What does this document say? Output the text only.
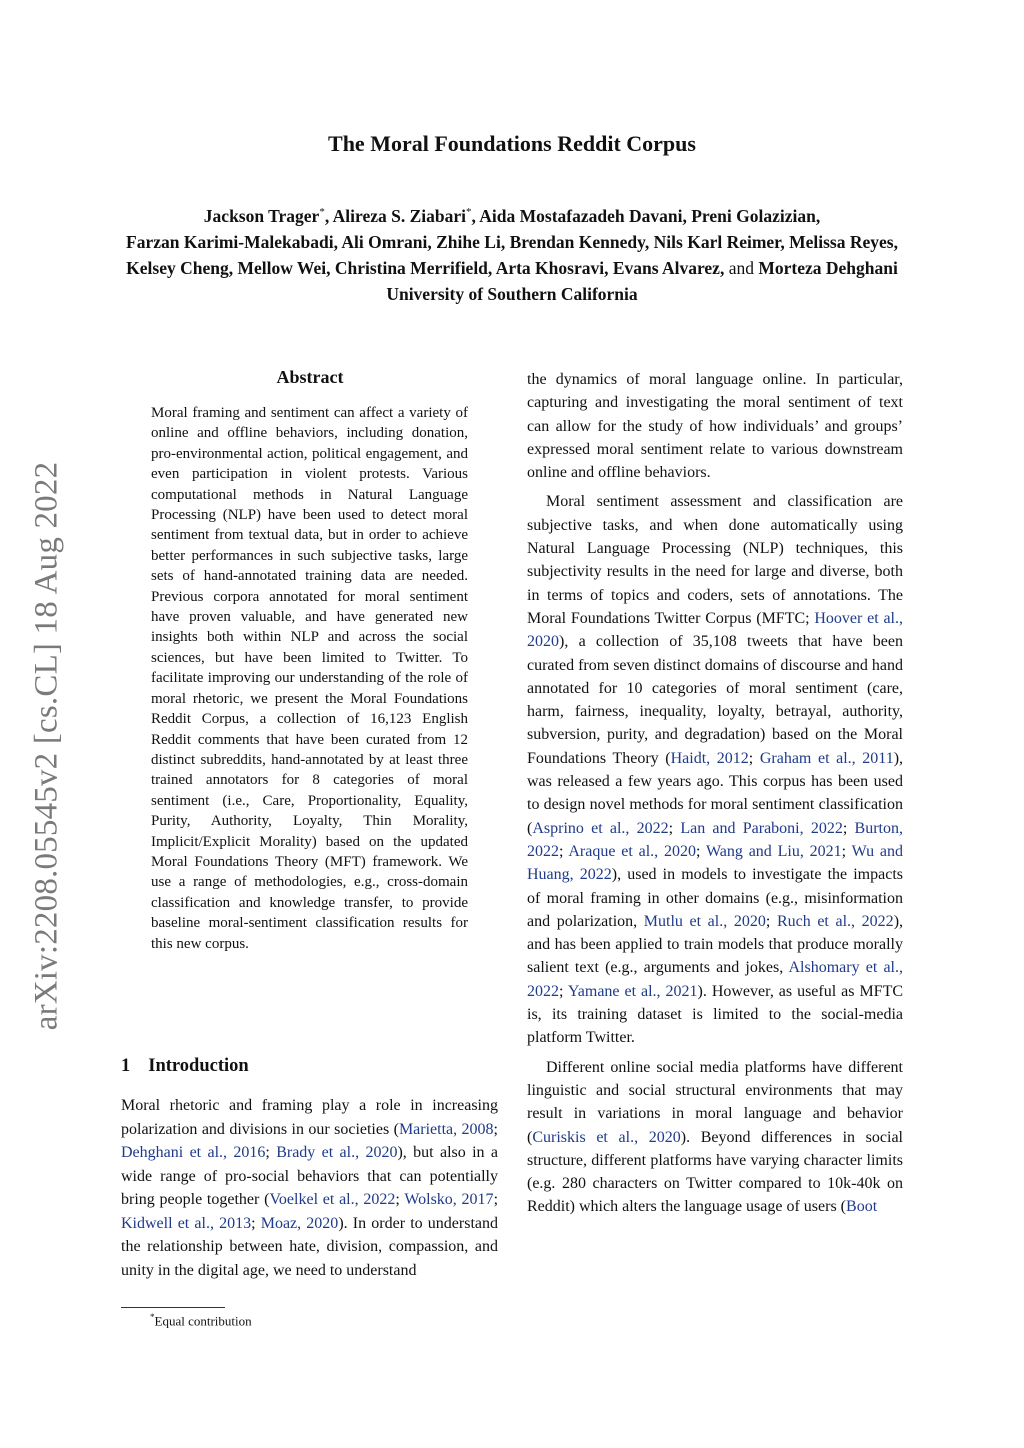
arXiv:2208.05545v2 [cs.CL] 18 Aug 2022
The Moral Foundations Reddit Corpus
Jackson Trager*, Alireza S. Ziabari*, Aida Mostafazadeh Davani, Preni Golazizian,
Farzan Karimi-Malekabadi, Ali Omrani, Zhihe Li, Brendan Kennedy, Nils Karl Reimer, Melissa Reyes,
Kelsey Cheng, Mellow Wei, Christina Merrifield, Arta Khosravi, Evans Alvarez, and Morteza Dehghani
University of Southern California
Abstract
Moral framing and sentiment can affect a variety of online and offline behaviors, including donation, pro-environmental action, political engagement, and even participation in violent protests. Various computational methods in Natural Language Processing (NLP) have been used to detect moral sentiment from textual data, but in order to achieve better performances in such subjective tasks, large sets of hand-annotated training data are needed. Previous corpora annotated for moral sentiment have proven valuable, and have generated new insights both within NLP and across the social sciences, but have been limited to Twitter. To facilitate improving our understanding of the role of moral rhetoric, we present the Moral Foundations Reddit Corpus, a collection of 16,123 English Reddit comments that have been curated from 12 distinct subreddits, hand-annotated by at least three trained annotators for 8 categories of moral sentiment (i.e., Care, Proportionality, Equality, Purity, Authority, Loyalty, Thin Morality, Implicit/Explicit Morality) based on the updated Moral Foundations Theory (MFT) framework. We use a range of methodologies, e.g., cross-domain classification and knowledge transfer, to provide baseline moral-sentiment classification results for this new corpus.
1 Introduction
Moral rhetoric and framing play a role in increasing polarization and divisions in our societies (Marietta, 2008; Dehghani et al., 2016; Brady et al., 2020), but also in a wide range of pro-social behaviors that can potentially bring people together (Voelkel et al., 2022; Wolsko, 2017; Kidwell et al., 2013; Moaz, 2020). In order to understand the relationship between hate, division, compassion, and unity in the digital age, we need to understand
*Equal contribution

the dynamics of moral language online. In particular, capturing and investigating the moral sentiment of text can allow for the study of how individuals’ and groups’ expressed moral sentiment relate to various downstream online and offline behaviors.

Moral sentiment assessment and classification are subjective tasks, and when done automatically using Natural Language Processing (NLP) techniques, this subjectivity results in the need for large and diverse, both in terms of topics and coders, sets of annotations. The Moral Foundations Twitter Corpus (MFTC; Hoover et al., 2020), a collection of 35,108 tweets that have been curated from seven distinct domains of discourse and hand annotated for 10 categories of moral sentiment (care, harm, fairness, inequality, loyalty, betrayal, authority, subversion, purity, and degradation) based on the Moral Foundations Theory (Haidt, 2012; Graham et al., 2011), was released a few years ago. This corpus has been used to design novel methods for moral sentiment classification (Asprino et al., 2022; Lan and Paraboni, 2022; Burton, 2022; Araque et al., 2020; Wang and Liu, 2021; Wu and Huang, 2022), used in models to investigate the impacts of moral framing in other domains (e.g., misinformation and polarization, Mutlu et al., 2020; Ruch et al., 2022), and has been applied to train models that produce morally salient text (e.g., arguments and jokes, Alshomary et al., 2022; Yamane et al., 2021). However, as useful as MFTC is, its training dataset is limited to the social-media platform Twitter.

Different online social media platforms have different linguistic and social structural environments that may result in variations in moral language and behavior (Curiskis et al., 2020). Beyond differences in social structure, different platforms have varying character limits (e.g. 280 characters on Twitter compared to 10k-40k on Reddit) which alters the language usage of users (Boot
